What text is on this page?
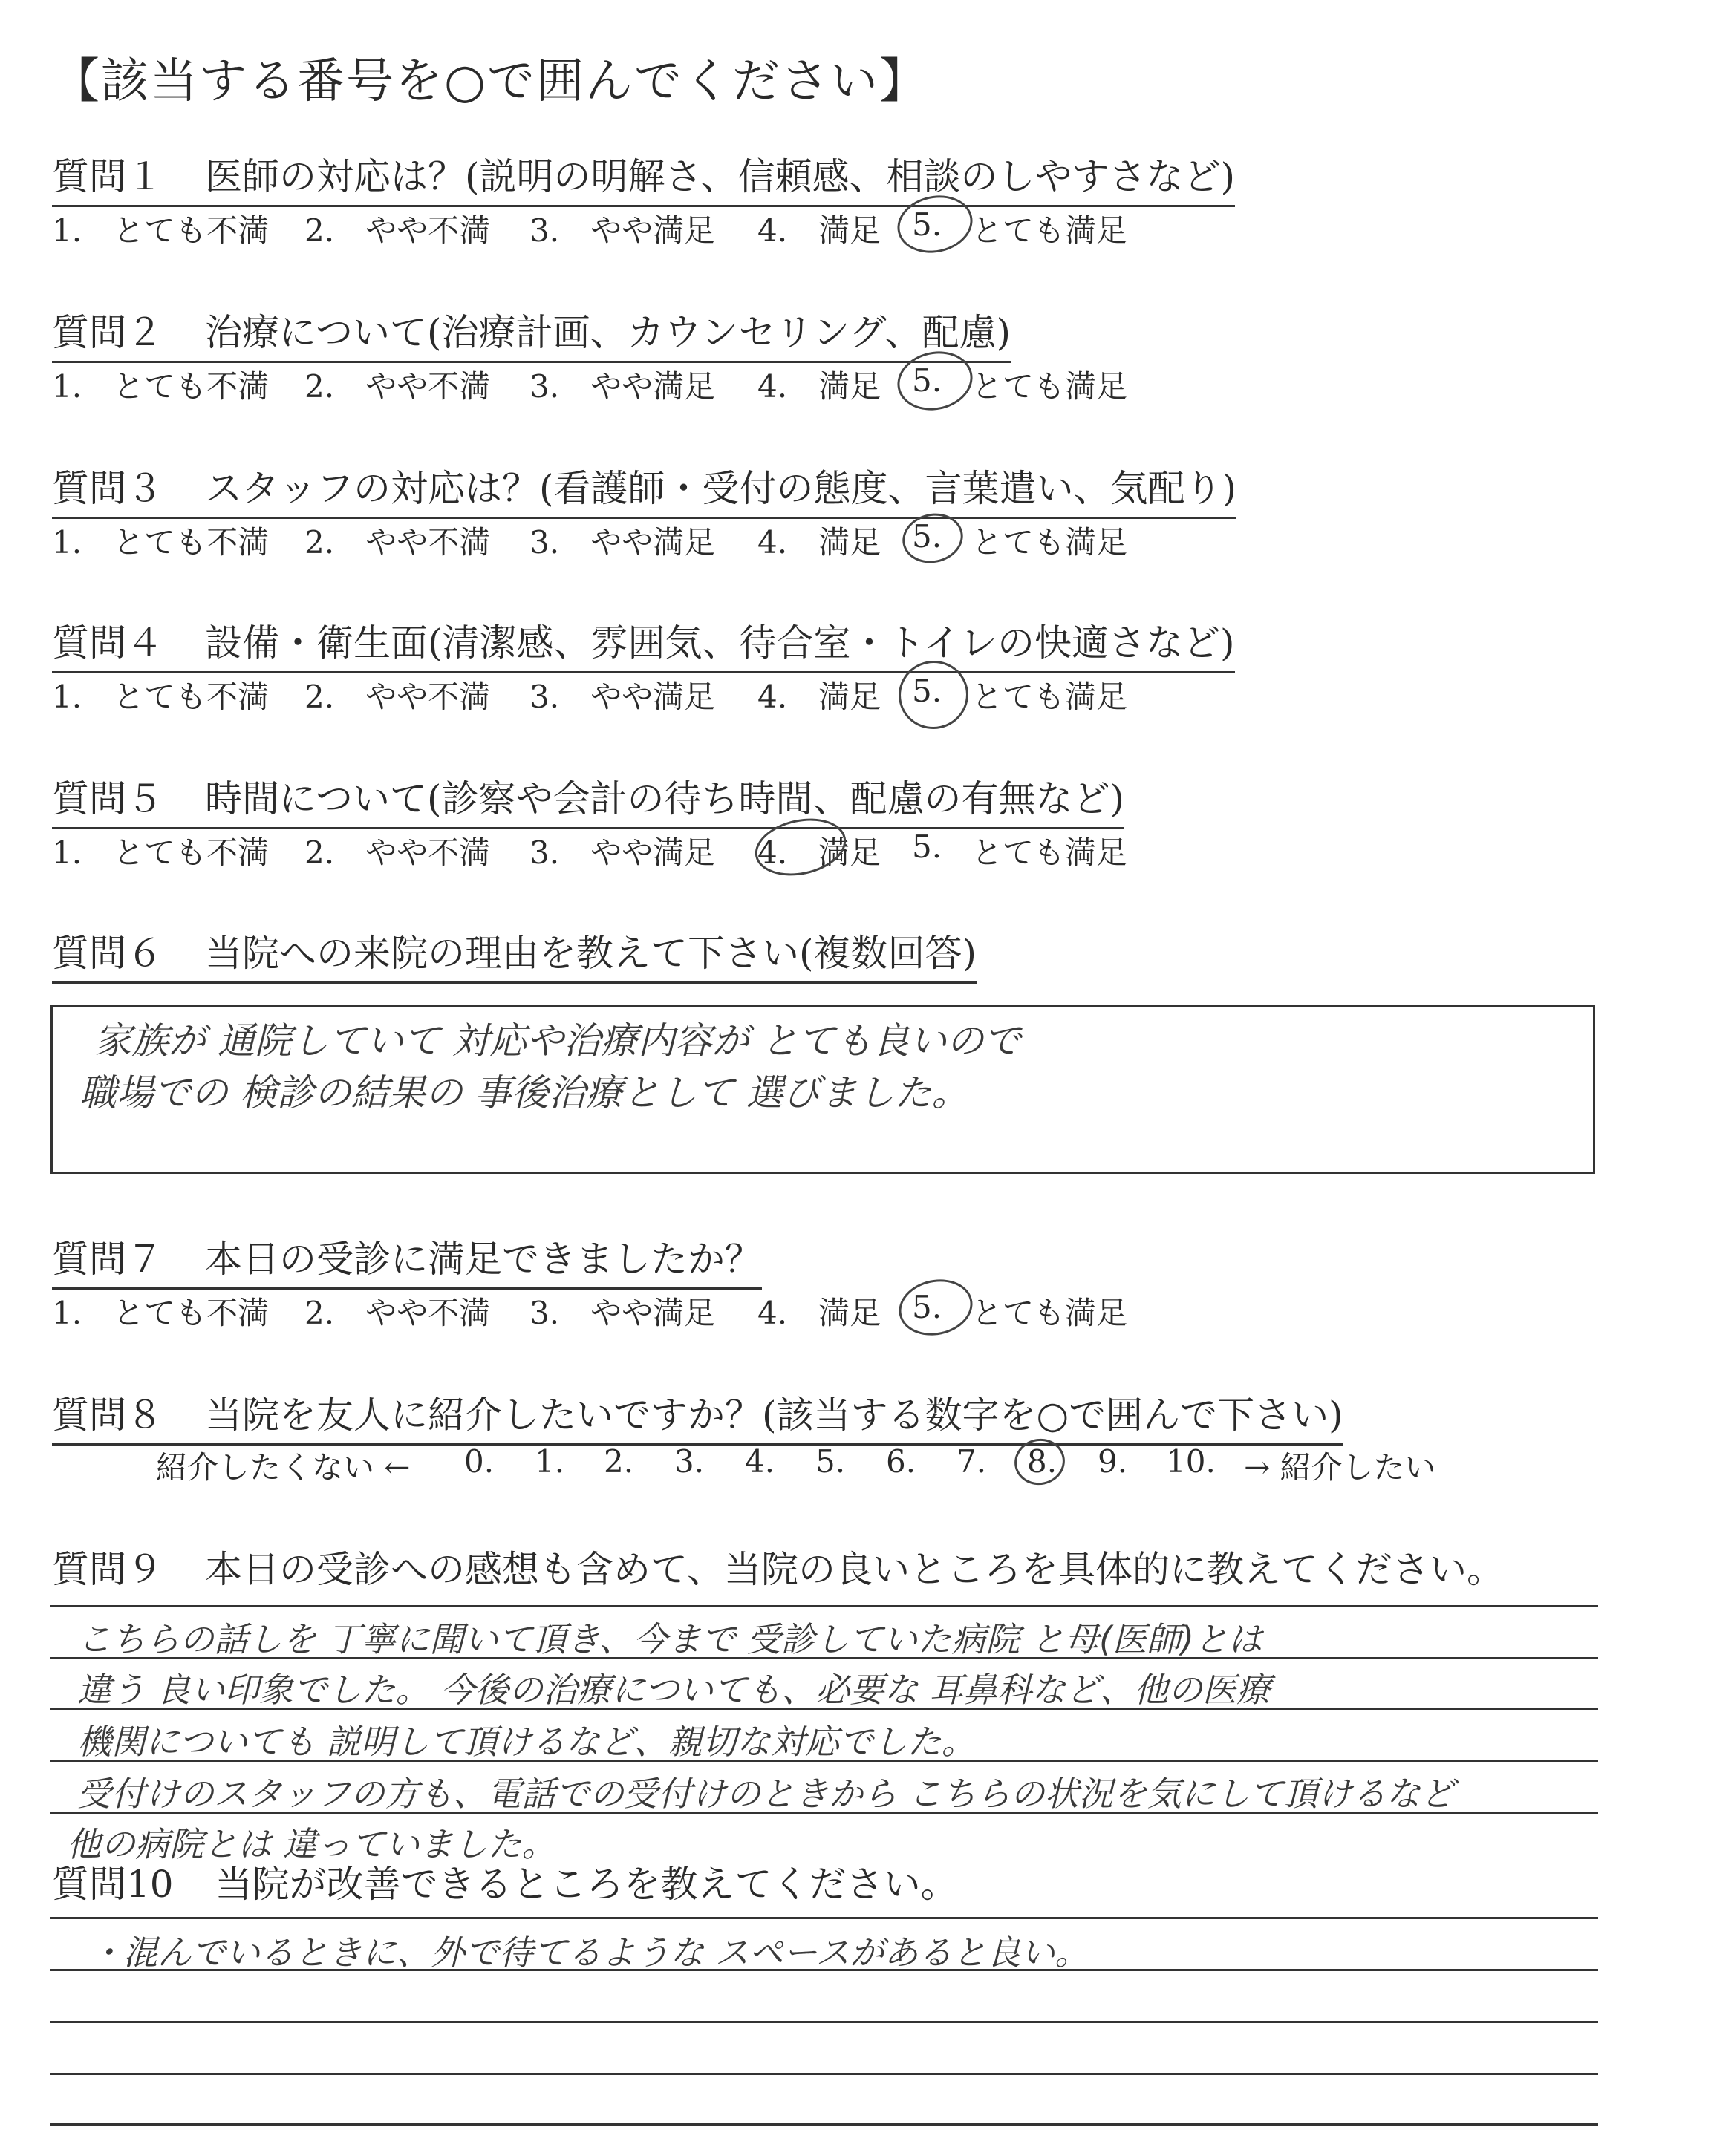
【該当する番号を○で囲んでください】
質問１ 医師の対応は？(説明の明解さ、信頼感、相談のしやすさなど)
1.　とても不満 2.　やや不満 3.　やや満足 4.　満足 5. とても満足
質問２ 治療について(治療計画、カウンセリング、配慮)
1.　とても不満 2.　やや不満 3.　やや満足 4.　満足 5. とても満足
質問３ スタッフの対応は？(看護師・受付の態度、言葉遣い、気配り)
1.　とても不満 2.　やや不満 3.　やや満足 4.　満足 5. とても満足
質問４ 設備・衛生面(清潔感、雰囲気、待合室・トイレの快適さなど)
1.　とても不満 2.　やや不満 3.　やや満足 4.　満足 5. とても満足
質問５ 時間について(診察や会計の待ち時間、配慮の有無など)
1.　とても不満 2.　やや不満 3.　やや満足 4.　満足 5. とても満足
質問６ 当院への来院の理由を教えて下さい(複数回答)
家族が 通院していて 対応や治療内容が とても良いので
職場での 検診の結果の 事後治療として 選びました。
質問７ 本日の受診に満足できましたか？
1.　とても不満 2.　やや不満 3.　やや満足 4.　満足 5. とても満足
質問８ 当院を友人に紹介したいですか？(該当する数字を○で囲んで下さい)
紹介したくない ← 0. 1. 2. 3. 4. 5. 6. 7. 8. 9. 10. → 紹介したい
質問９ 本日の受診への感想も含めて、当院の良いところを具体的に教えてください。
こちらの話しを 丁寧に聞いて頂き、今まで 受診していた病院 と母(医師)とは
違う 良い印象でした。 今後の治療についても、必要な 耳鼻科など、他の医療
機関についても 説明して頂けるなど、親切な対応でした。
受付けのスタッフの方も、電話での受付けのときから こちらの状況を気にして頂けるなど
他の病院とは 違っていました。
質問10 当院が改善できるところを教えてください。
・混んでいるときに、外で待てるような スペースがあると良い。
